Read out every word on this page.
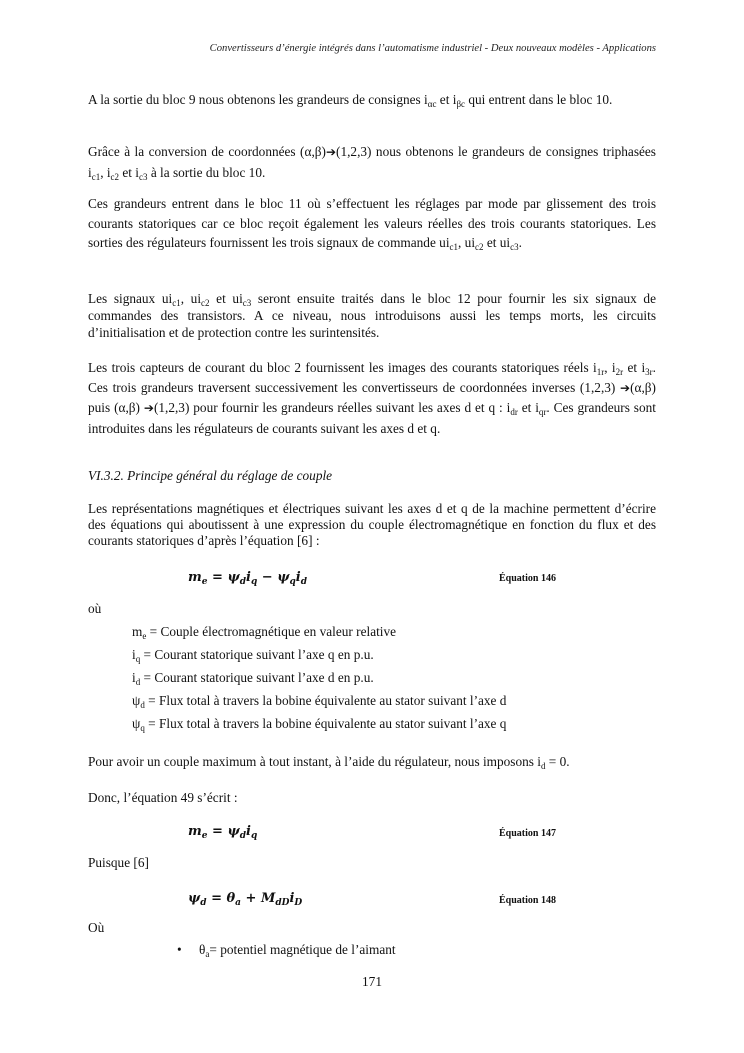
Convertisseurs d’énergie intégrés dans l’automatisme industriel - Deux nouveaux modèles - Applications

A la sortie du bloc 9 nous obtenons les grandeurs de consignes $i_{\alpha c}$ et $i_{\beta c}$ qui entrent dans le bloc 10.

Grâce à la conversion de coordonnées (α,β)➔(1,2,3) nous obtenons le grandeurs de consignes triphasées $i_{c1}$, $i_{c2}$ et $i_{c3}$ à la sortie du bloc 10.

Ces grandeurs entrent dans le bloc 11 où s’effectuent les réglages par mode par glissement des trois courants statoriques car ce bloc reçoit également les valeurs réelles des trois courants statoriques. Les sorties des régulateurs fournissent les trois signaux de commande $ui_{c1}$, $ui_{c2}$ et $ui_{c3}$.

Les signaux $ui_{c1}$, $ui_{c2}$ et $ui_{c3}$ seront ensuite traités dans le bloc 12 pour fournir les six signaux de commandes des transistors. A ce niveau, nous introduisons aussi les temps morts, les circuits d’initialisation et de protection contre les surintensités.

Les trois capteurs de courant du bloc 2 fournissent les images des courants statoriques réels $i_{1r}$, $i_{2r}$ et $i_{3r}$. Ces trois grandeurs traversent successivement les convertisseurs de coordonnées inverses (1,2,3) ➔(α,β) puis (α,β) ➔(1,2,3) pour fournir les grandeurs réelles suivant les axes d et q : $i_{dr}$ et $i_{qr}$. Ces grandeurs sont introduites dans les régulateurs de courants suivant les axes d et q.

VI.3.2. Principe général du réglage de couple

Les représentations magnétiques et électriques suivant les axes d et q de la machine permettent d’écrire des équations qui aboutissent à une expression du couple électromagnétique en fonction du flux et des courants statoriques d’après l’équation [6] :

$m_e = \psi_di_q - \psi_qi_d$	Équation 146
où
$m_e$ = Couple électromagnétique en valeur relative
$i_q$ = Courant statorique suivant l’axe q en p.u.
$i_d$ = Courant statorique suivant l’axe d en p.u.
$\psi_d$ = Flux total à travers la bobine équivalente au stator suivant l’axe d
$\psi_q$ = Flux total à travers la bobine équivalente au stator suivant l’axe q
Pour avoir un couple maximum à tout instant, à l’aide du régulateur, nous imposons $i_d = 0$.
Donc, l’équation 49 s’écrit :
$m_e = \psi_di_q$	Équation 147
Puisque [6]
$\psi_d = \theta_a + M_{dD}i_D$	Équation 148
Où
• $\theta_a=$ potentiel magnétique de l’aimant
171
